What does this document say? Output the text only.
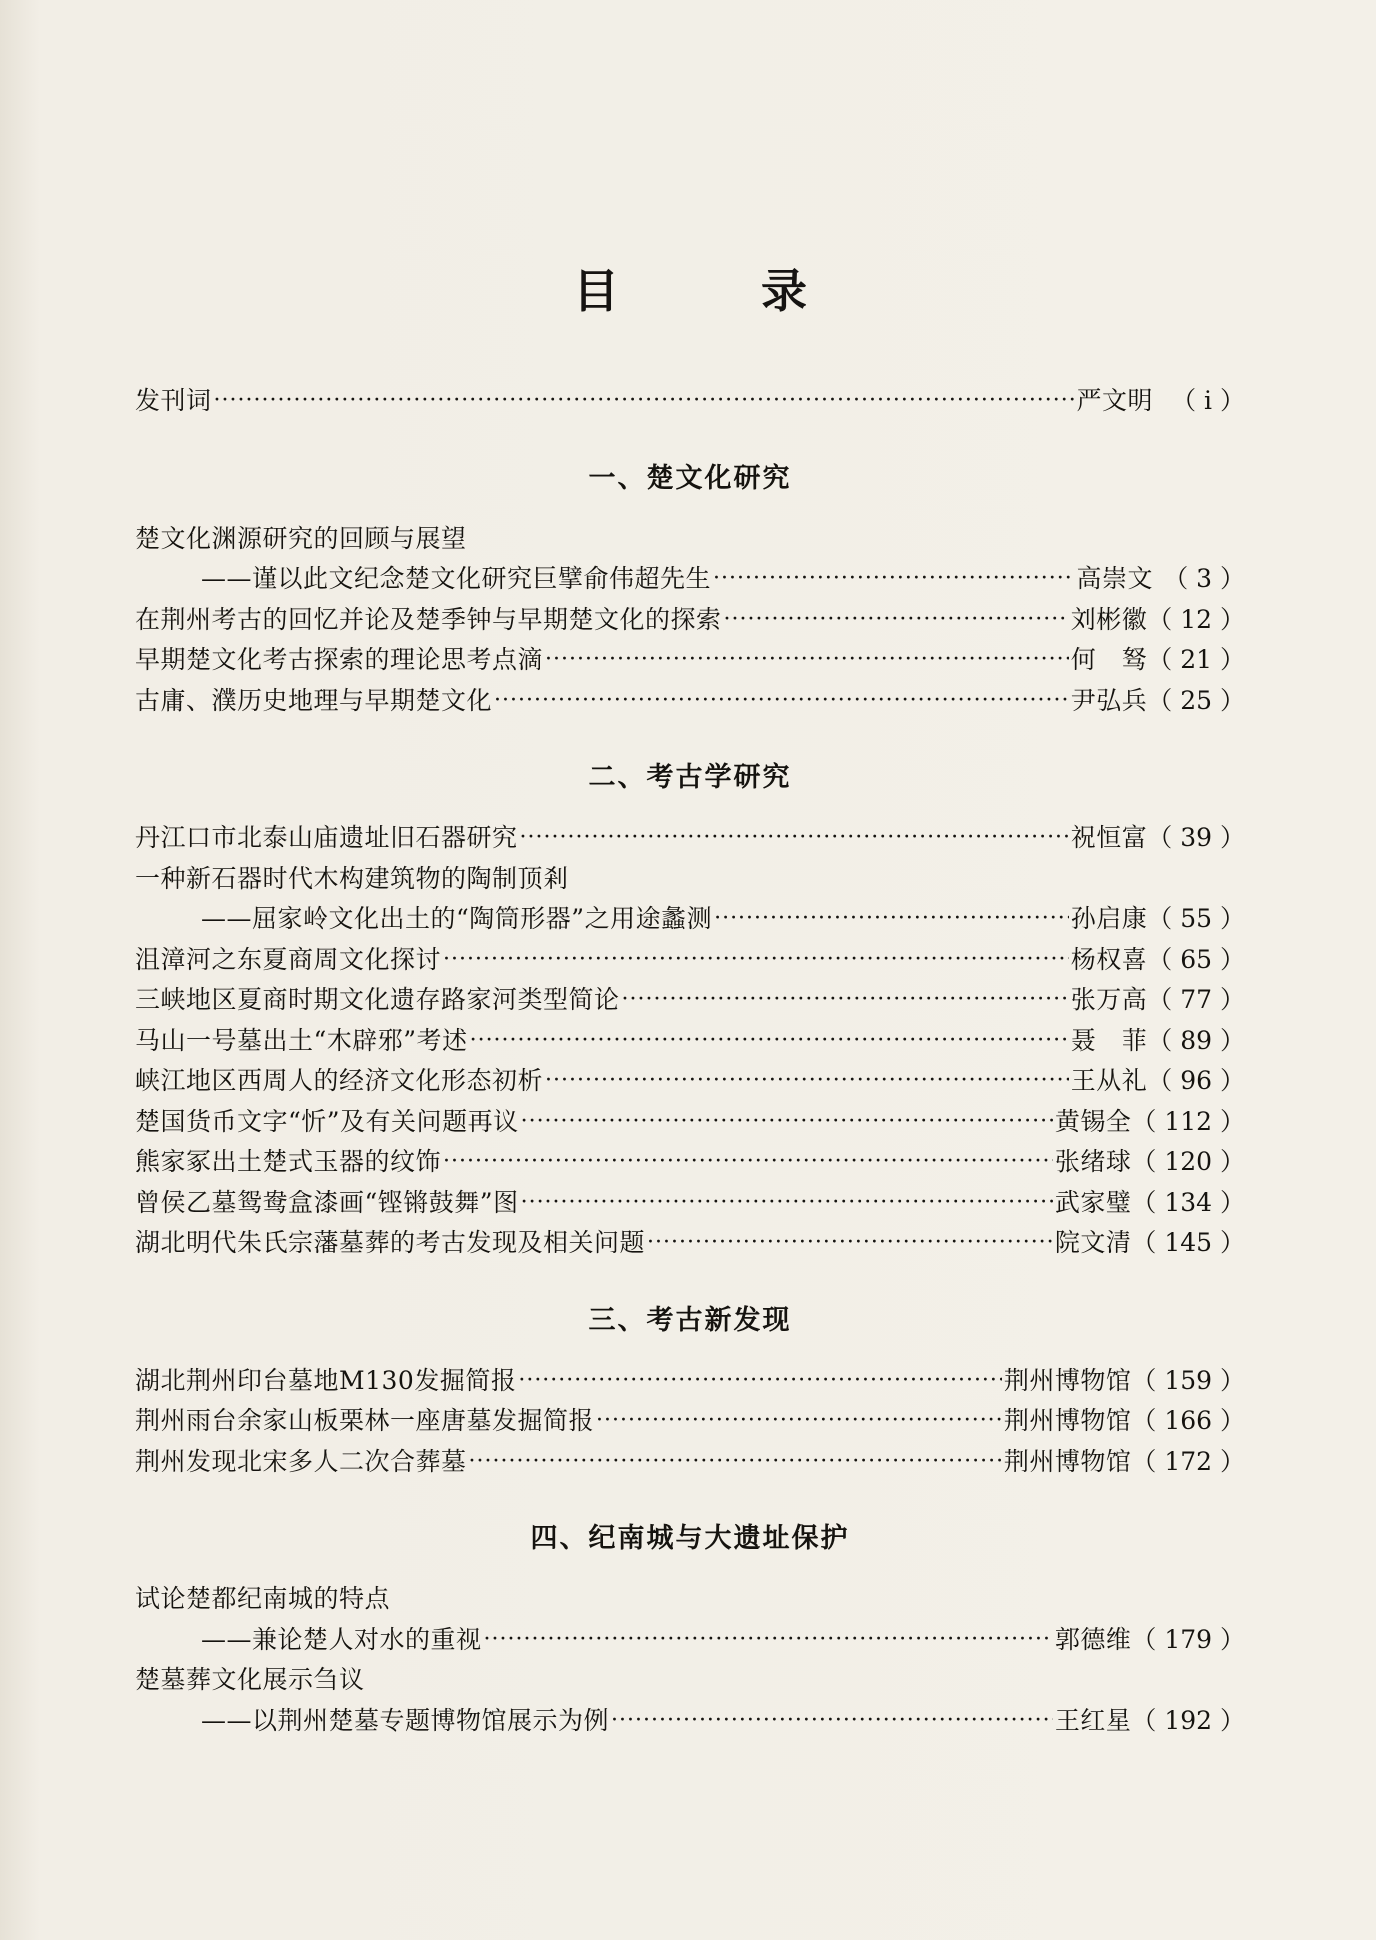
目　录
发刊词 ·····	严文明 （ i ）
一、楚文化研究
楚文化渊源研究的回顾与展望
——谨以此文纪念楚文化研究巨擘俞伟超先生 ·····	高崇文 （ 3 ）
在荆州考古的回忆并论及楚季钟与早期楚文化的探索 ·····	刘彬徽 （ 12 ）
早期楚文化考古探索的理论思考点滴 ·····	何　驽 （ 21 ）
古庸、濮历史地理与早期楚文化 ·····	尹弘兵 （ 25 ）
二、考古学研究
丹江口市北泰山庙遗址旧石器研究 ·····	祝恒富 （ 39 ）
一种新石器时代木构建筑物的陶制顶剎
——屈家岭文化出土的“陶筒形器”之用途蠡测 ·····	孙启康 （ 55 ）
沮漳河之东夏商周文化探讨 ·····	杨权喜 （ 65 ）
三峡地区夏商时期文化遗存路家河类型简论 ·····	张万高 （ 77 ）
马山一号墓出土“木辟邪”考述 ·····	聂　菲 （ 89 ）
峡江地区西周人的经济文化形态初析 ·····	王从礼 （ 96 ）
楚国货币文字“忻”及有关问题再议 ·····	黄锡全 （ 112 ）
熊家冢出土楚式玉器的纹饰 ·····	张绪球 （ 120 ）
曾侯乙墓鸳鸯盒漆画“铿锵鼓舞”图 ·····	武家璧 （ 134 ）
湖北明代朱氏宗藩墓葬的考古发现及相关问题 ·····	院文清 （ 145 ）
三、考古新发现
湖北荆州印台墓地M130发掘简报 ·····	荆州博物馆 （ 159 ）
荆州雨台余家山板栗林一座唐墓发掘简报 ·····	荆州博物馆 （ 166 ）
荆州发现北宋多人二次合葬墓 ·····	荆州博物馆 （ 172 ）
四、纪南城与大遗址保护
试论楚都纪南城的特点
——兼论楚人对水的重视 ·····	郭德维 （ 179 ）
楚墓葬文化展示刍议
——以荆州楚墓专题博物馆展示为例 ·····	王红星 （ 192 ）
